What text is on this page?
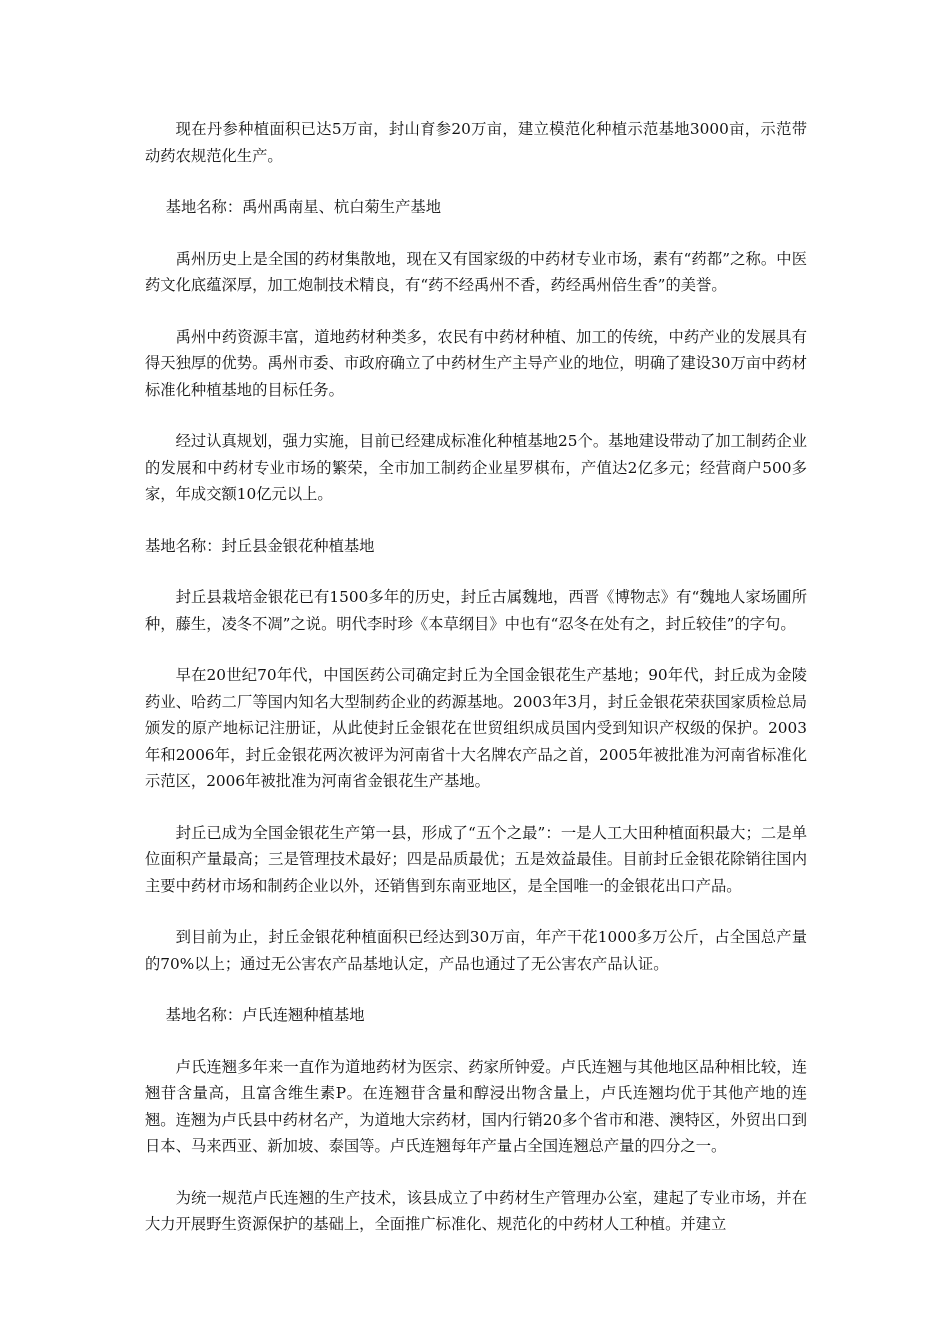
现在丹参种植面积已达5万亩，封山育参20万亩，建立模范化种植示范基地3000亩，示范带动药农规范化生产。

基地名称：禹州禹南星、杭白菊生产基地

禹州历史上是全国的药材集散地，现在又有国家级的中药材专业市场，素有“药都”之称。中医药文化底蕴深厚，加工炮制技术精良，有“药不经禹州不香，药经禹州倍生香”的美誉。

禹州中药资源丰富，道地药材种类多，农民有中药材种植、加工的传统，中药产业的发展具有得天独厚的优势。禹州市委、市政府确立了中药材生产主导产业的地位，明确了建设30万亩中药材标准化种植基地的目标任务。

经过认真规划，强力实施，目前已经建成标准化种植基地25个。基地建设带动了加工制药企业的发展和中药材专业市场的繁荣，全市加工制药企业星罗棋布，产值达2亿多元；经营商户500多家，年成交额10亿元以上。

基地名称：封丘县金银花种植基地

封丘县栽培金银花已有1500多年的历史，封丘古属魏地，西晋《博物志》有“魏地人家场圃所种，藤生，凌冬不凋”之说。明代李时珍《本草纲目》中也有“忍冬在处有之，封丘较佳”的字句。

早在20世纪70年代，中国医药公司确定封丘为全国金银花生产基地；90年代，封丘成为金陵药业、哈药二厂等国内知名大型制药企业的药源基地。2003年3月，封丘金银花荣获国家质检总局颁发的原产地标记注册证，从此使封丘金银花在世贸组织成员国内受到知识产权级的保护。2003年和2006年，封丘金银花两次被评为河南省十大名牌农产品之首，2005年被批准为河南省标准化示范区，2006年被批准为河南省金银花生产基地。

封丘已成为全国金银花生产第一县，形成了“五个之最”：一是人工大田种植面积最大；二是单位面积产量最高；三是管理技术最好；四是品质最优；五是效益最佳。目前封丘金银花除销往国内主要中药材市场和制药企业以外，还销售到东南亚地区，是全国唯一的金银花出口产品。

到目前为止，封丘金银花种植面积已经达到30万亩，年产干花1000多万公斤，占全国总产量的70%以上；通过无公害农产品基地认定，产品也通过了无公害农产品认证。

基地名称：卢氏连翘种植基地

卢氏连翘多年来一直作为道地药材为医宗、药家所钟爱。卢氏连翘与其他地区品种相比较，连翘苷含量高，且富含维生素P。在连翘苷含量和醇浸出物含量上，卢氏连翘均优于其他产地的连翘。连翘为卢氏县中药材名产，为道地大宗药材，国内行销20多个省市和港、澳特区，外贸出口到日本、马来西亚、新加坡、泰国等。卢氏连翘每年产量占全国连翘总产量的四分之一。

为统一规范卢氏连翘的生产技术，该县成立了中药材生产管理办公室，建起了专业市场，并在大力开展野生资源保护的基础上，全面推广标准化、规范化的中药材人工种植。并建立
